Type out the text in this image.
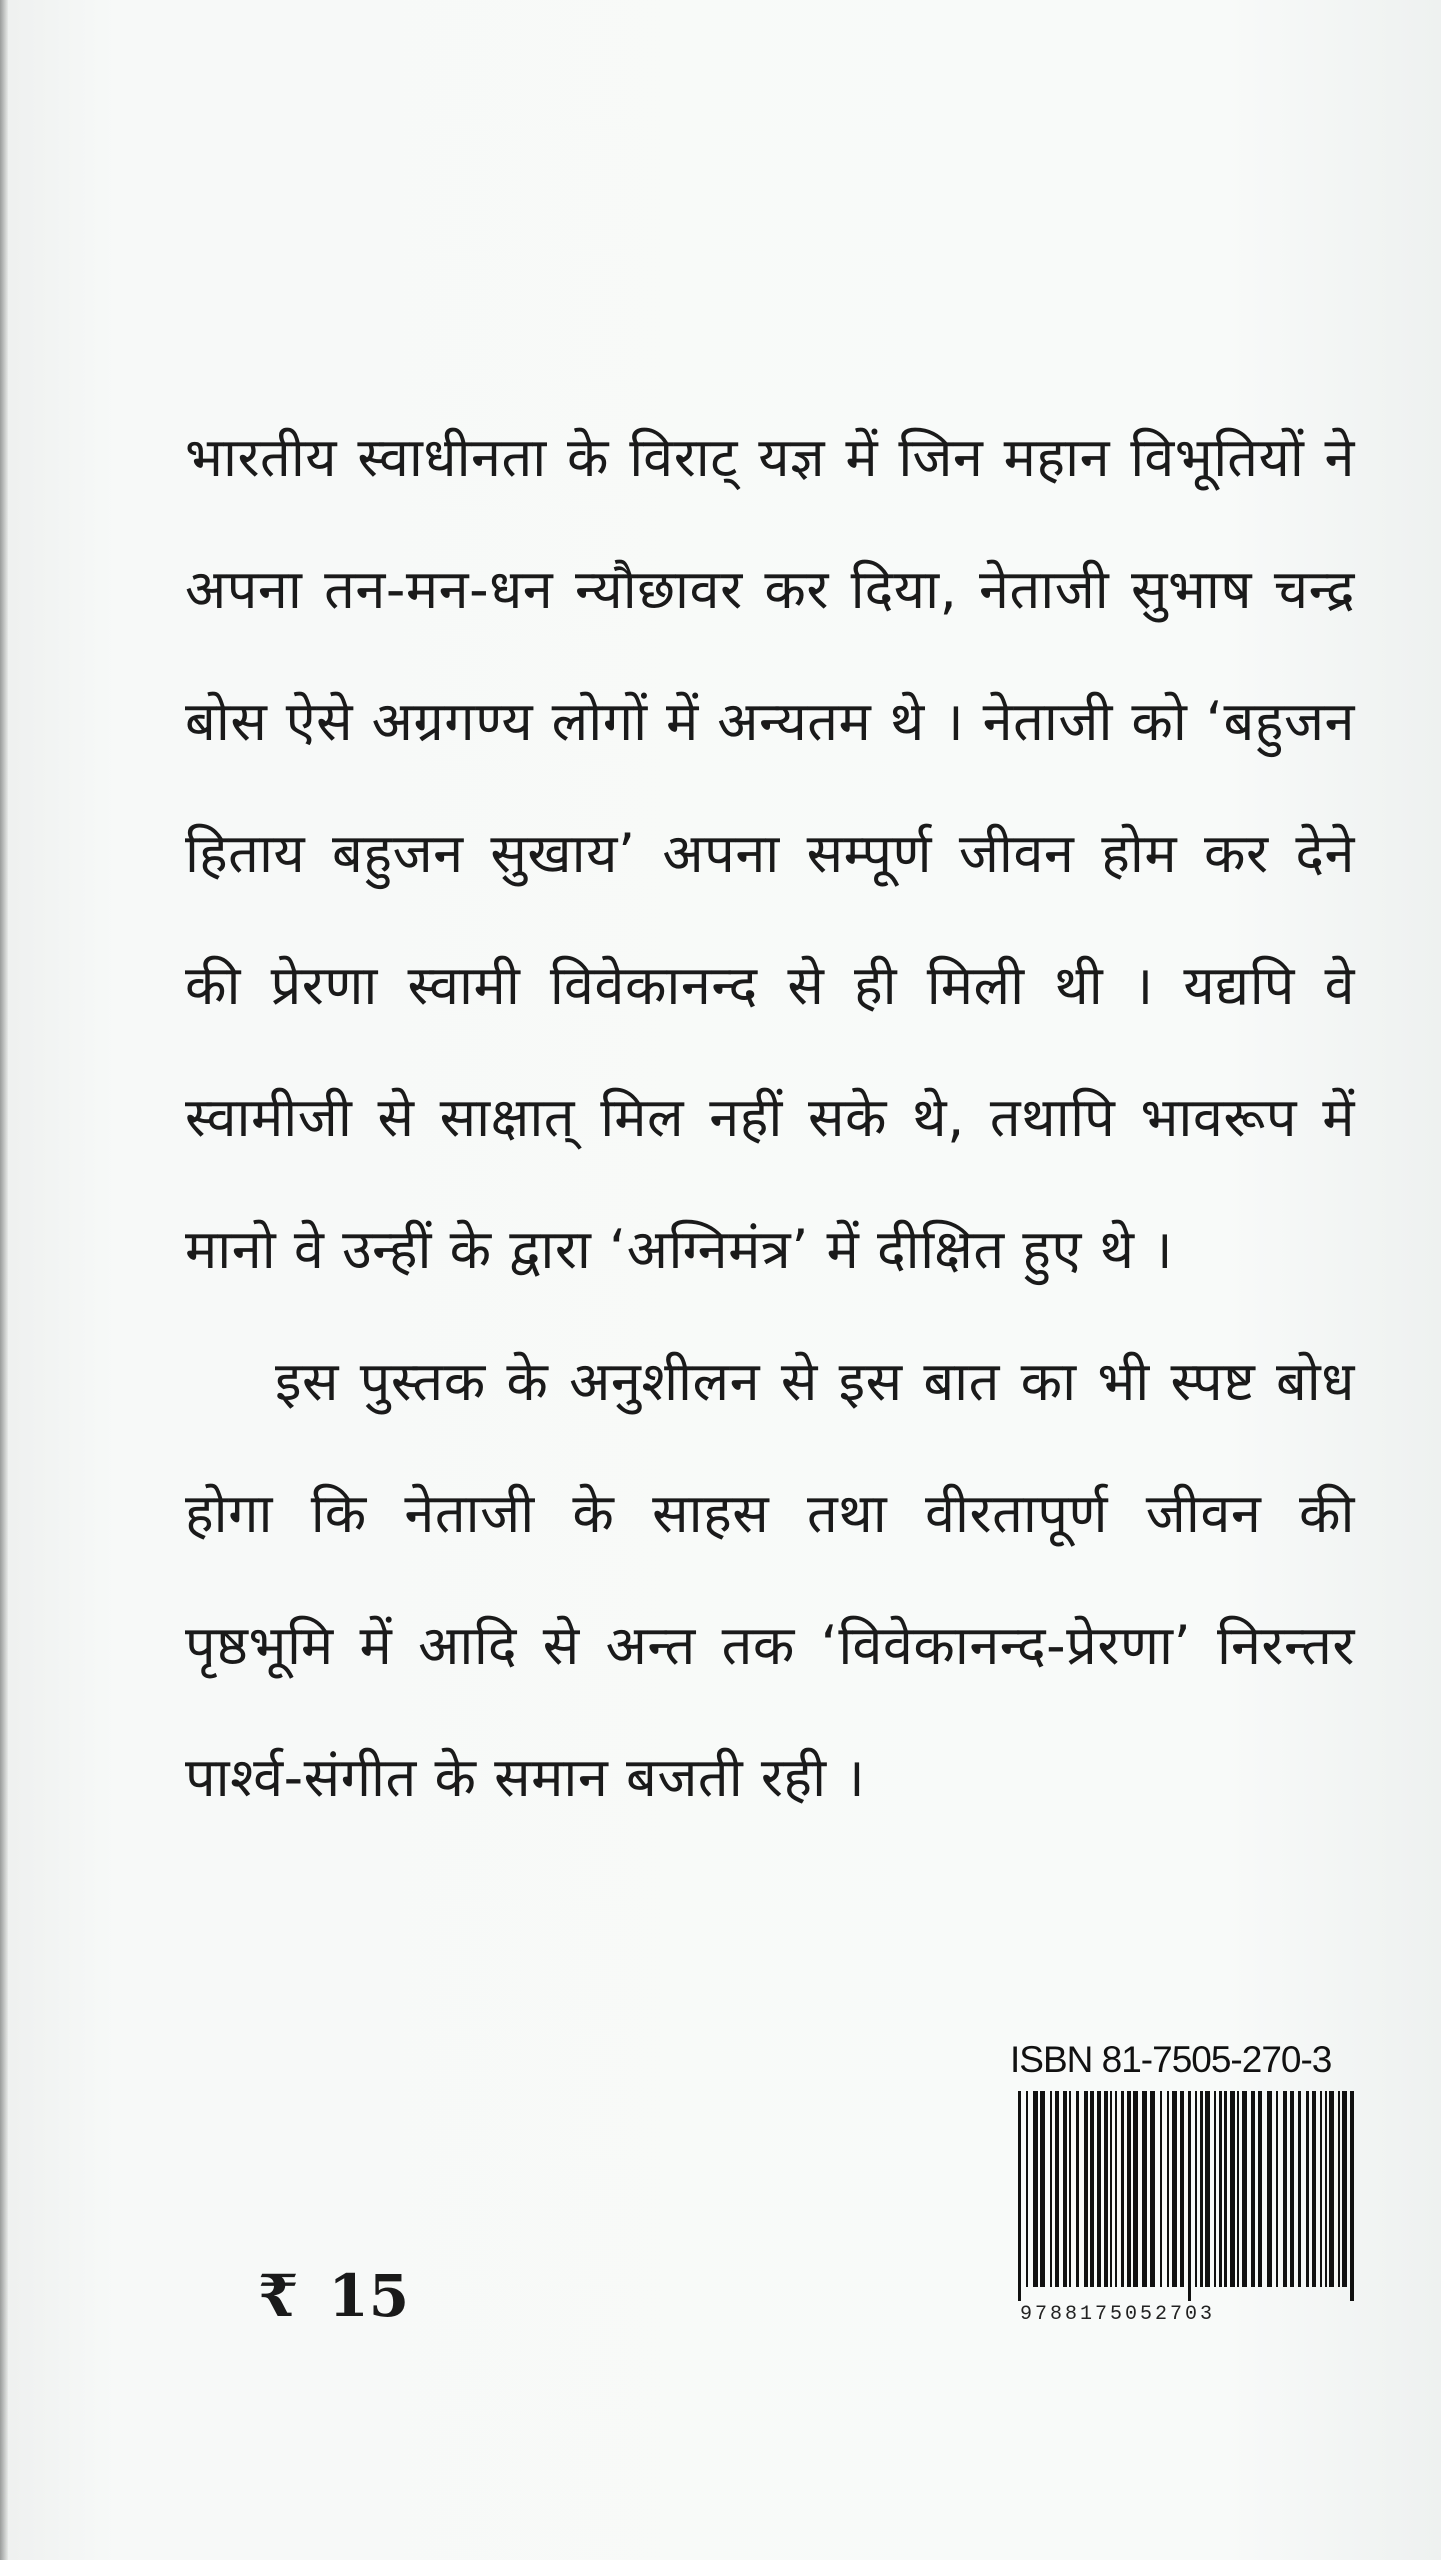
भारतीय स्वाधीनता के विराट् यज्ञ में जिन महान विभूतियों ने अपना तन-मन-धन न्यौछावर कर दिया, नेताजी सुभाष चन्द्र बोस ऐसे अग्रगण्य लोगों में अन्यतम थे । नेताजी को ‘बहुजन हिताय बहुजन सुखाय’ अपना सम्पूर्ण जीवन होम कर देने की प्रेरणा स्वामी विवेकानन्द से ही मिली थी । यद्यपि वे स्वामीजी से साक्षात् मिल नहीं सके थे, तथापि भावरूप में मानो वे उन्हीं के द्वारा ‘अग्निमंत्र’ में दीक्षित हुए थे ।

इस पुस्तक के अनुशीलन से इस बात का भी स्पष्ट बोध होगा कि नेताजी के साहस तथा वीरतापूर्ण जीवन की पृष्ठभूमि में आदि से अन्त तक ‘विवेकानन्द-प्रेरणा’ निरन्तर पार्श्व-संगीत के समान बजती रही ।

₹ 15
ISBN 81-7505-270-3
9788175052703
